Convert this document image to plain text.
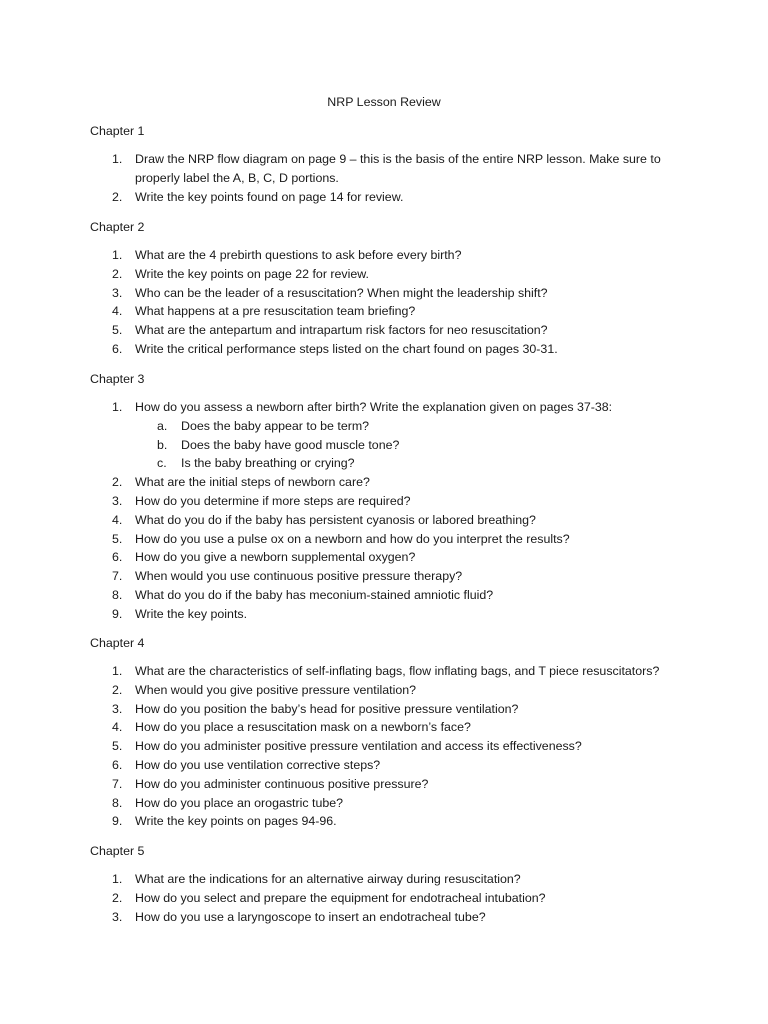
NRP Lesson Review
Chapter 1
1. Draw the NRP flow diagram on page 9 – this is the basis of the entire NRP lesson. Make sure to properly label the A, B, C, D portions.
2. Write the key points found on page 14 for review.
Chapter 2
1. What are the 4 prebirth questions to ask before every birth?
2. Write the key points on page 22 for review.
3. Who can be the leader of a resuscitation? When might the leadership shift?
4. What happens at a pre resuscitation team briefing?
5. What are the antepartum and intrapartum risk factors for neo resuscitation?
6. Write the critical performance steps listed on the chart found on pages 30-31.
Chapter 3
1. How do you assess a newborn after birth? Write the explanation given on pages 37-38:
a. Does the baby appear to be term?
b. Does the baby have good muscle tone?
c. Is the baby breathing or crying?
2. What are the initial steps of newborn care?
3. How do you determine if more steps are required?
4. What do you do if the baby has persistent cyanosis or labored breathing?
5. How do you use a pulse ox on a newborn and how do you interpret the results?
6. How do you give a newborn supplemental oxygen?
7. When would you use continuous positive pressure therapy?
8. What do you do if the baby has meconium-stained amniotic fluid?
9. Write the key points.
Chapter 4
1. What are the characteristics of self-inflating bags, flow inflating bags, and T piece resuscitators?
2. When would you give positive pressure ventilation?
3. How do you position the baby’s head for positive pressure ventilation?
4. How do you place a resuscitation mask on a newborn’s face?
5. How do you administer positive pressure ventilation and access its effectiveness?
6. How do you use ventilation corrective steps?
7. How do you administer continuous positive pressure?
8. How do you place an orogastric tube?
9. Write the key points on pages 94-96.
Chapter 5
1. What are the indications for an alternative airway during resuscitation?
2. How do you select and prepare the equipment for endotracheal intubation?
3. How do you use a laryngoscope to insert an endotracheal tube?
